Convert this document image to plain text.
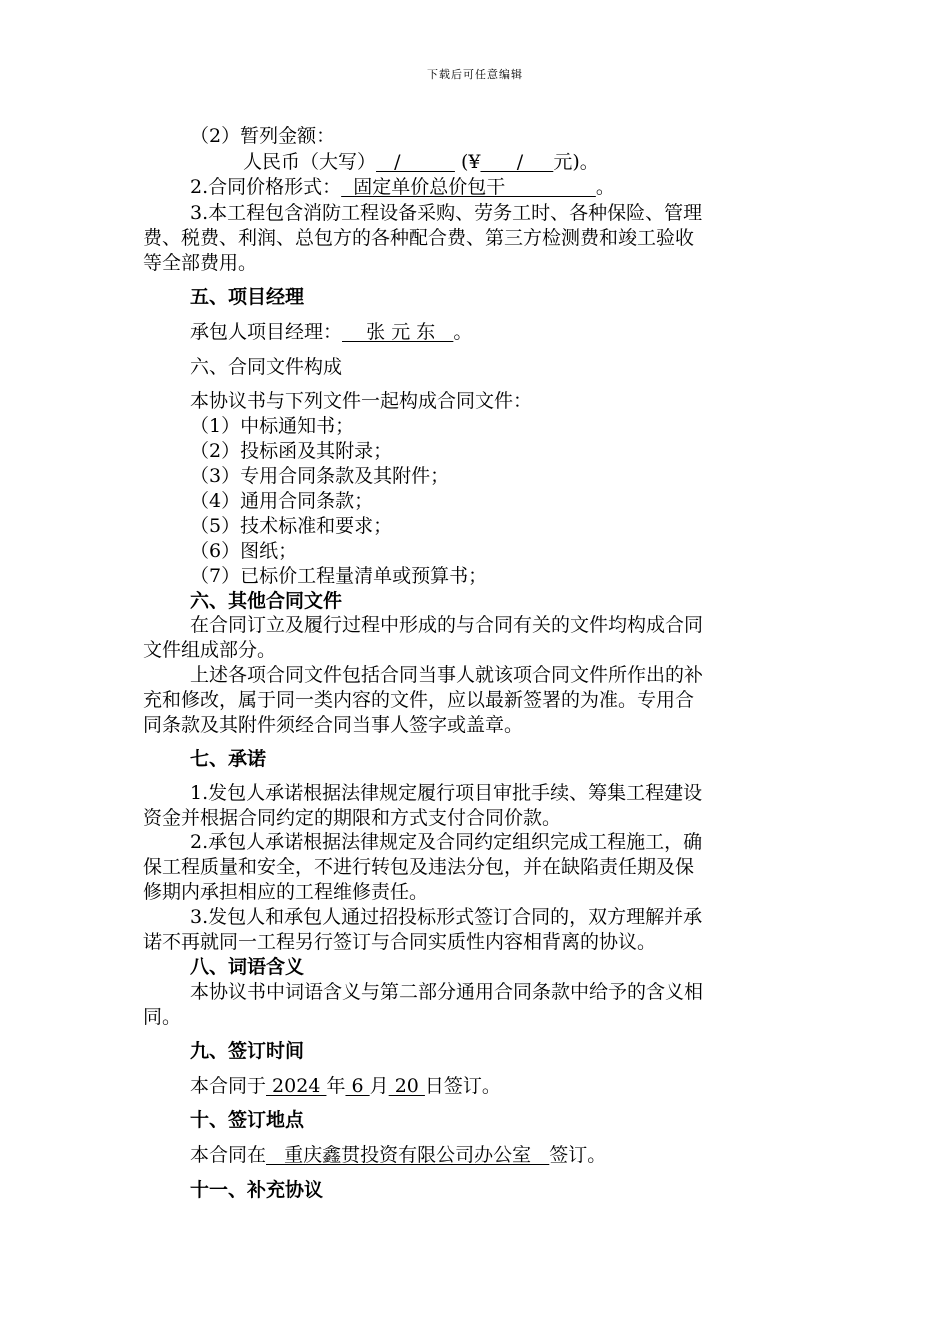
下载后可任意编辑
（2）暂列金额：
人民币（大写）   /          (¥      /     元)。
2.合同价格形式：  固定单价总价包干               。
3.本工程包含消防工程设备采购、劳务工时、各种保险、管理
费、税费、利润、总包方的各种配合费、第三方检测费和竣工验收
等全部费用。
五、项目经理
承包人项目经理：    张 元 东   。
六、合同文件构成
本协议书与下列文件一起构成合同文件：
（1）中标通知书；
（2）投标函及其附录；
（3）专用合同条款及其附件；
（4）通用合同条款；
（5）技术标准和要求；
（6）图纸；
（7）已标价工程量清单或预算书；
六、其他合同文件
在合同订立及履行过程中形成的与合同有关的文件均构成合同
文件组成部分。
上述各项合同文件包括合同当事人就该项合同文件所作出的补
充和修改，属于同一类内容的文件，应以最新签署的为准。专用合
同条款及其附件须经合同当事人签字或盖章。
七、承诺
1.发包人承诺根据法律规定履行项目审批手续、筹集工程建设
资金并根据合同约定的期限和方式支付合同价款。
2.承包人承诺根据法律规定及合同约定组织完成工程施工，确
保工程质量和安全，不进行转包及违法分包，并在缺陷责任期及保
修期内承担相应的工程维修责任。
3.发包人和承包人通过招投标形式签订合同的，双方理解并承
诺不再就同一工程另行签订与合同实质性内容相背离的协议。
八、词语含义
本协议书中词语含义与第二部分通用合同条款中给予的含义相
同。
九、签订时间
本合同于 2024 年 6 月 20 日签订。
十、签订地点
本合同在   重庆鑫贯投资有限公司办公室   签订。
十一、补充协议
